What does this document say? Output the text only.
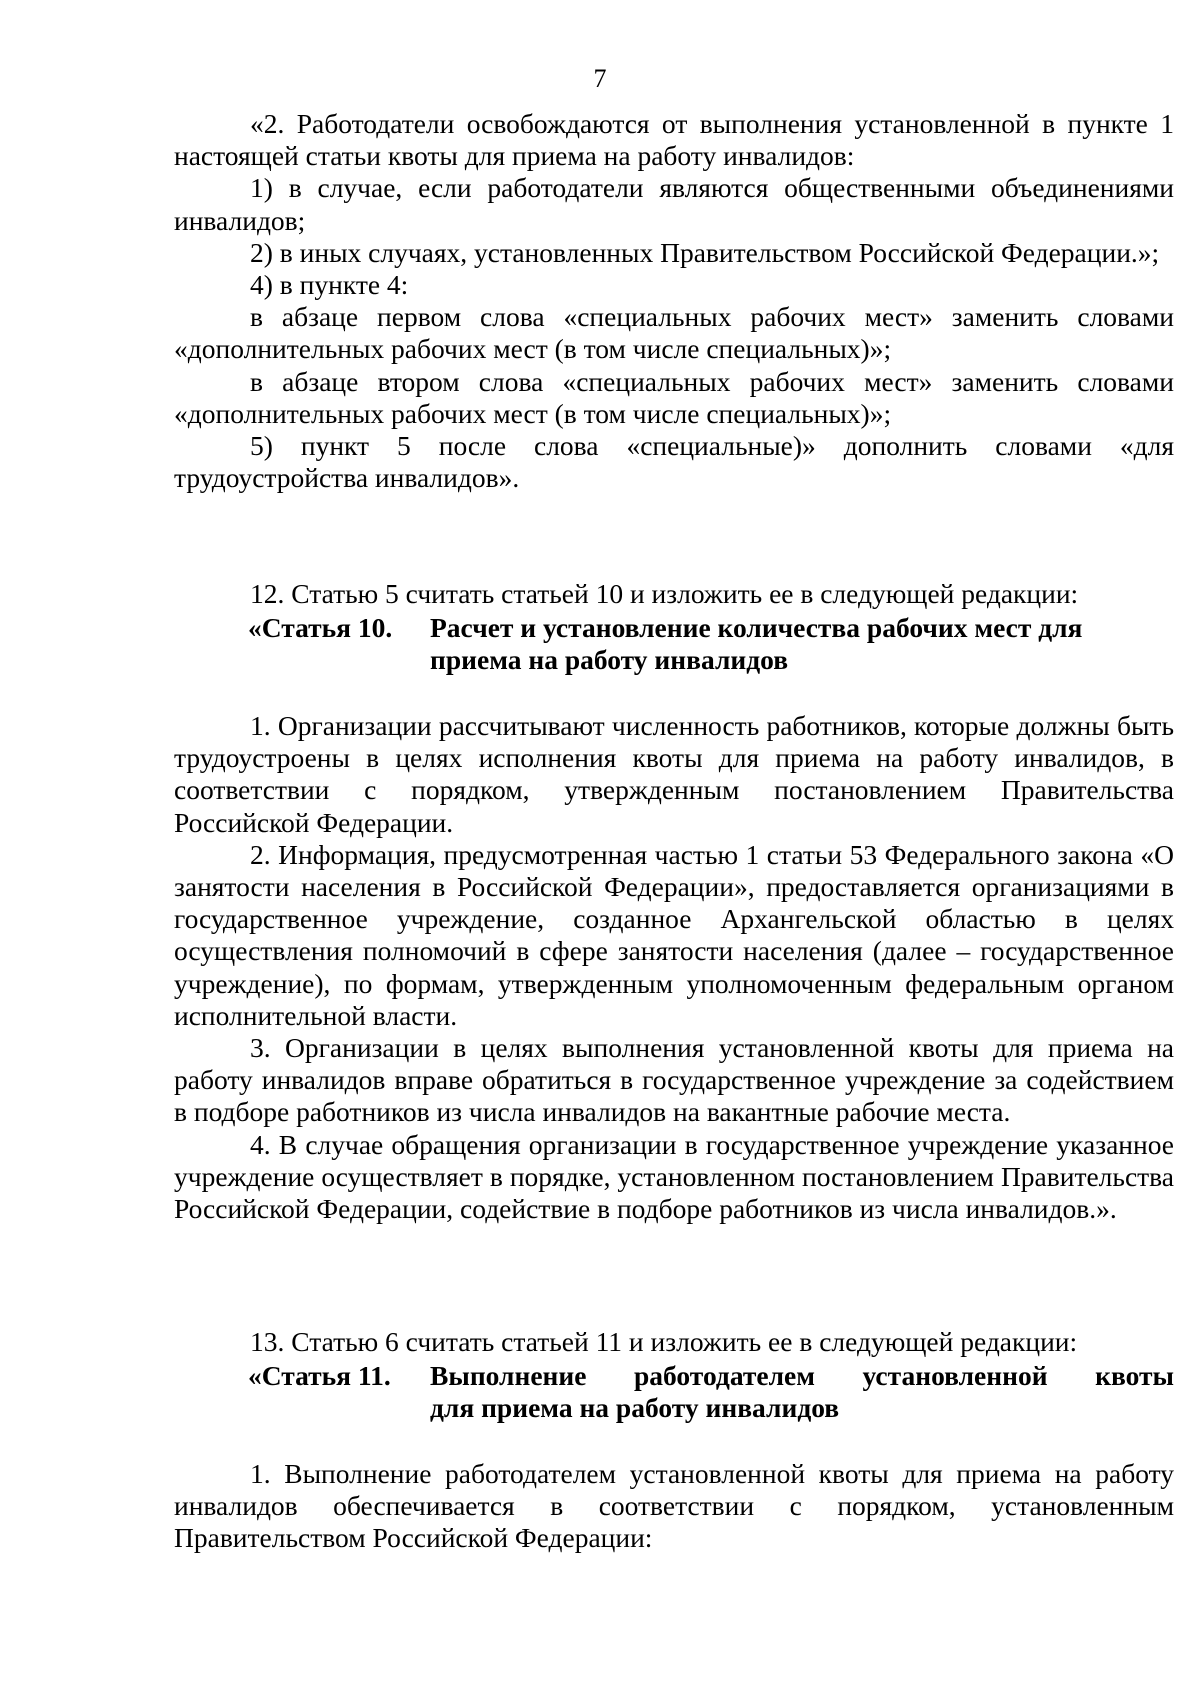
7

«2. Работодатели освобождаются от выполнения установленной в пункте 1 настоящей статьи квоты для приема на работу инвалидов:

1) в случае, если работодатели являются общественными объединениями инвалидов;

2) в иных случаях, установленных Правительством Российской Федерации.»;

4) в пункте 4:

в абзаце первом слова «специальных рабочих мест» заменить словами «дополнительных рабочих мест (в том числе специальных)»;

в абзаце втором слова «специальных рабочих мест» заменить словами «дополнительных рабочих мест (в том числе специальных)»;

5) пункт 5 после слова «специальные)» дополнить словами «для трудоустройства инвалидов».

12. Статью 5 считать статьей 10 и изложить ее в следующей редакции:

«Статья 10.	Расчет и установление количества рабочих мест для
приема на работу инвалидов

1. Организации рассчитывают численность работников, которые должны быть трудоустроены в целях исполнения квоты для приема на работу инвалидов, в соответствии с порядком, утвержденным постановлением Правительства Российской Федерации.

2. Информация, предусмотренная частью 1 статьи 53 Федерального закона «О занятости населения в Российской Федерации», предоставляется организациями в государственное учреждение, созданное Архангельской областью в целях осуществления полномочий в сфере занятости населения (далее – государственное учреждение), по формам, утвержденным уполномоченным федеральным органом исполнительной власти.

3. Организации в целях выполнения установленной квоты для приема на работу инвалидов вправе обратиться в государственное учреждение за содействием в подборе работников из числа инвалидов на вакантные рабочие места.

4. В случае обращения организации в государственное учреждение указанное учреждение осуществляет в порядке, установленном постановлением Правительства Российской Федерации, содействие в подборе работников из числа инвалидов.».

13. Статью 6 считать статьей 11 и изложить ее в следующей редакции:

«Статья 11.	Выполнение работодателем установленной квоты
для приема на работу инвалидов

1. Выполнение работодателем установленной квоты для приема на работу инвалидов обеспечивается в соответствии с порядком, установленным Правительством Российской Федерации:
